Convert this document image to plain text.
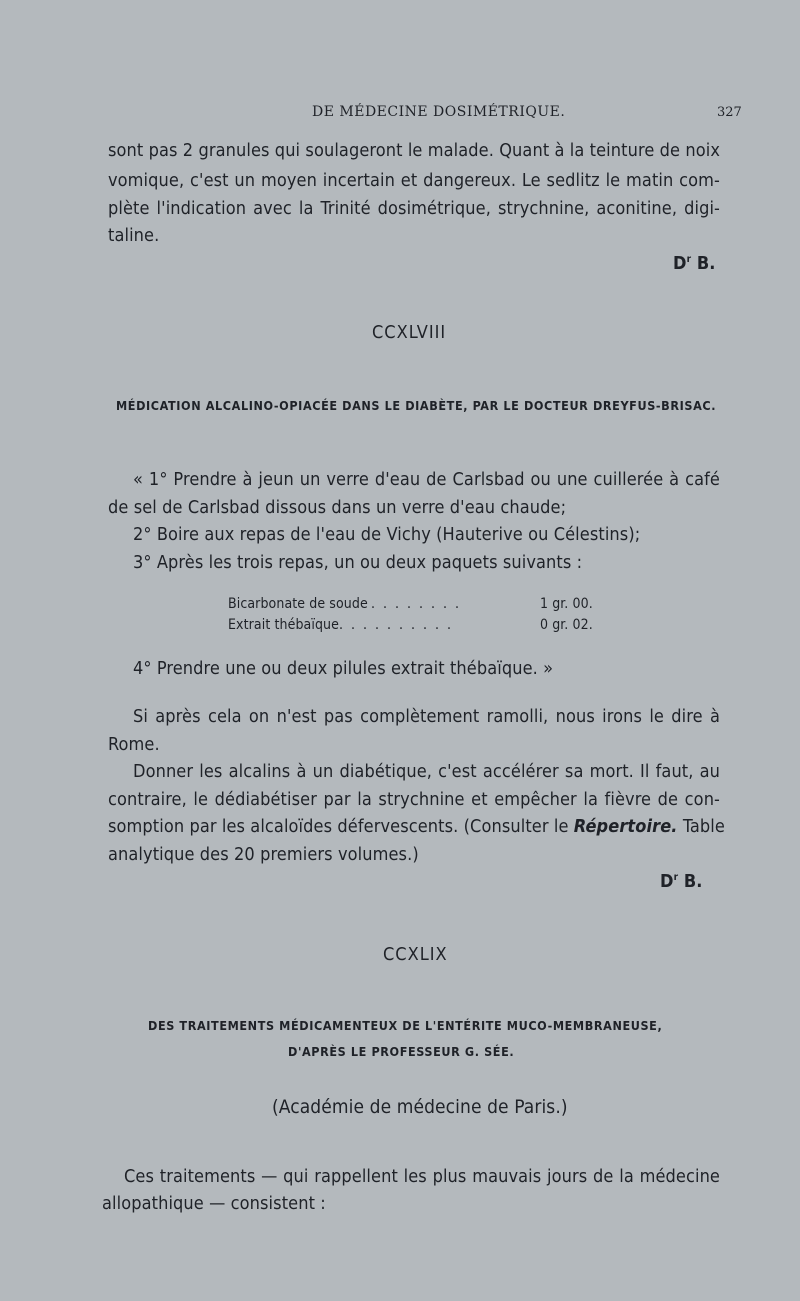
DE MÉDECINE DOSIMÉTRIQUE.	327
sont pas 2 granules qui soulageront le malade. Quant à la teinture de noix
vomique, c'est un moyen incertain et dangereux. Le sedlitz le matin com-
plète l'indication avec la Trinité dosimétrique, strychnine, aconitine, digi-
taline.
$D^r$ B.
CCXLVIII
MÉDICATION ALCALINO-OPIACÉE DANS LE DIABÈTE, PAR LE DOCTEUR DREYFUS-BRISAC.
« 1° Prendre à jeun un verre d'eau de Carlsbad ou une cuillerée à café
de sel de Carlsbad dissous dans un verre d'eau chaude;
2° Boire aux repas de l'eau de Vichy (Hauterive ou Célestins);
3° Après les trois repas, un ou deux paquets suivants :
Bicarbonate de soude . . . . . . . .	1 gr. 00.
Extrait thébaïque. . . . . . . . . .	0 gr. 02.
4° Prendre une ou deux pilules extrait thébaïque. »
Si après cela on n'est pas complètement ramolli, nous irons le dire à
Rome.
Donner les alcalins à un diabétique, c'est accélérer sa mort. Il faut, au
contraire, le dédiabétiser par la strychnine et empêcher la fièvre de con-
somption par les alcaloïdes défervescents. (Consulter le Répertoire. Table
analytique des 20 premiers volumes.)
$D^r$ B.
CCXLIX
DES TRAITEMENTS MÉDICAMENTEUX DE L'ENTÉRITE MUCO-MEMBRANEUSE,
D'APRÈS LE PROFESSEUR G. SÉE.
(Académie de médecine de Paris.)
Ces traitements — qui rappellent les plus mauvais jours de la médecine
allopathique — consistent :
